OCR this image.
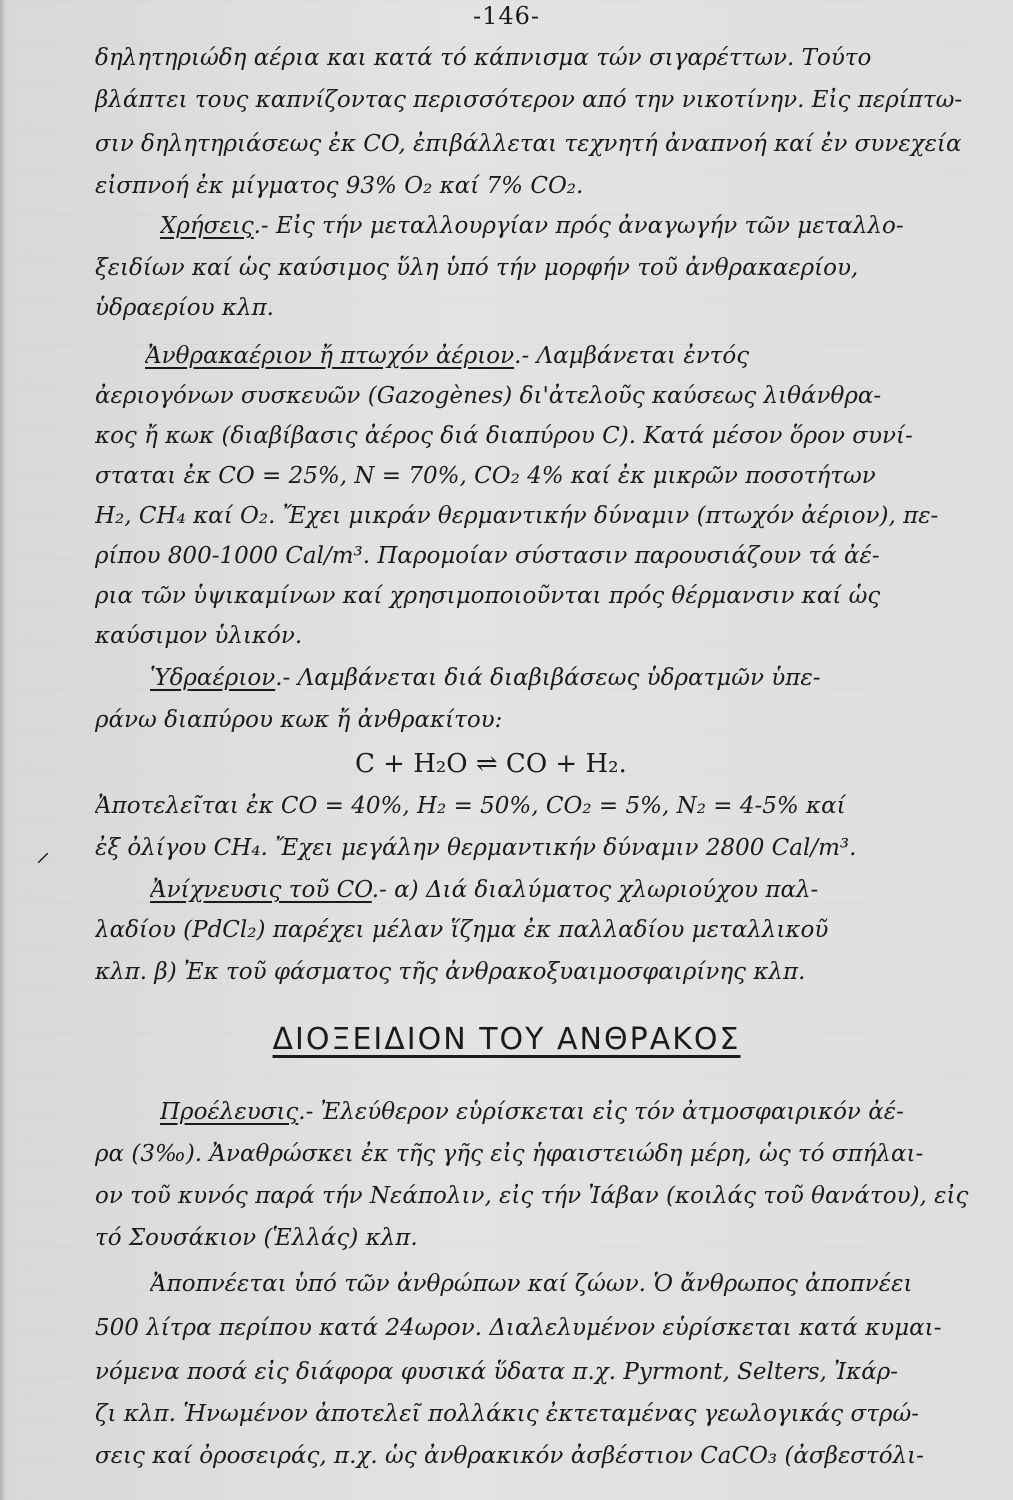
-146-
δηλητηριώδη αέρια και κατά τό κάπνισμα τών σιγαρέττων. Τούτο
βλάπτει τους καπνίζοντας περισσότερον από την νικοτίνην. Εἰς περίπτω-
σιν δηλητηριάσεως ἐκ CO, ἐπιβάλλεται τεχνητή ἀναπνοή καί ἐν συνεχεία
εἰσπνοή ἐκ μίγματος 93% O₂ καί 7% CO₂.
Χρήσεις.- Εἰς τήν μεταλλουργίαν πρός ἀναγωγήν τῶν μεταλλο-
ξειδίων καί ὡς καύσιμος ὕλη ὑπό τήν μορφήν τοῦ ἀνθρακαερίου,
ὑδραερίου κλπ.
Ἀνθρακαέριον ἤ πτωχόν ἀέριον.- Λαμβάνεται ἐντός
ἀεριογόνων συσκευῶν (Gazogènes) δι'ἀτελοῦς καύσεως λιθάνθρα-
κος ἤ κωκ (διαβίβασις ἀέρος διά διαπύρου C). Κατά μέσον ὅρον συνί-
σταται ἐκ CO = 25%, N = 70%, CO₂ 4% καί ἐκ μικρῶν ποσοτήτων
H₂, CH₄ καί O₂. Ἔχει μικράν θερμαντικήν δύναμιν (πτωχόν ἀέριον), πε-
ρίπου 800-1000 Cal/m³. Παρομοίαν σύστασιν παρουσιάζουν τά ἀέ-
ρια τῶν ὑψικαμίνων καί χρησιμοποιοῦνται πρός θέρμανσιν καί ὡς
καύσιμον ὑλικόν.
Ὑδραέριον.- Λαμβάνεται διά διαβιβάσεως ὑδρατμῶν ὑπε-
ράνω διαπύρου κωκ ἤ ἀνθρακίτου:
C + H₂O ⇌ CO + H₂.
Ἀποτελεῖται ἐκ CO = 40%, H₂ = 50%, CO₂ = 5%, N₂ = 4-5% καί
ἐξ ὀλίγου CH₄. Ἔχει μεγάλην θερμαντικήν δύναμιν 2800 Cal/m³.
⸝
Ἀνίχνευσις τοῦ CO.- α) Διά διαλύματος χλωριούχου παλ-
λαδίου (PdCl₂) παρέχει μέλαν ἵζημα ἐκ παλλαδίου μεταλλικοῦ
κλπ. β) Ἐκ τοῦ φάσματος τῆς ἀνθρακοξυαιμοσφαιρίνης κλπ.
ΔΙΟΞΕΙΔΙΟΝ ΤΟΥ ΑΝΘΡΑΚΟΣ
Προέλευσις.- Ἐλεύθερον εὑρίσκεται εἰς τόν ἀτμοσφαιρικόν ἀέ-
ρα (3‰). Ἀναθρώσκει ἐκ τῆς γῆς εἰς ἡφαιστειώδη μέρη, ὡς τό σπήλαι-
ον τοῦ κυνός παρά τήν Νεάπολιν, εἰς τήν Ἰάβαν (κοιλάς τοῦ θανάτου), εἰς
τό Σουσάκιον (Ἑλλάς) κλπ.
Ἀποπνέεται ὑπό τῶν ἀνθρώπων καί ζώων. Ὁ ἄνθρωπος ἀποπνέει
500 λίτρα περίπου κατά 24ωρον. Διαλελυμένον εὑρίσκεται κατά κυμαι-
νόμενα ποσά εἰς διάφορα φυσικά ὕδατα π.χ. Pyrmont, Selters, Ἰκάρ-
ζι κλπ. Ἡνωμένον ἀποτελεῖ πολλάκις ἐκτεταμένας γεωλογικάς στρώ-
σεις καί ὀροσειράς, π.χ. ὡς ἀνθρακικόν ἀσβέστιον CaCO₃ (ἀσβεστόλι-
